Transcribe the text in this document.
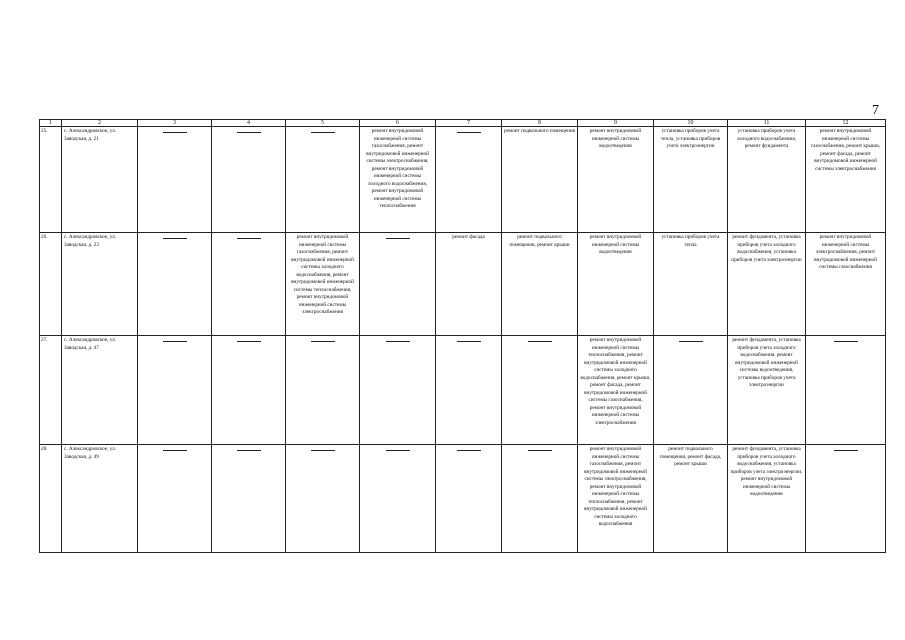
7
1	2	3	4	5	6	7	8	9	10	11	12
25.	с. Александровское, ул. Заводская, д. 21				ремонт внутридомовой инженерной системы газоснабжения, ремонт внутридомовой инженерной системы электроснабжения, ремонт внутридомовой инженерной системы холодного водоснабжения, ремонт внутридомовой инженерной системы теплоснабжения		ремонт подвального помещения	ремонт внутридомовой инженерной системы водоотведения	установка приборов учета тепла, установка приборов учета электроэнергии	установка приборов учета холодного водоснабжения, ремонт фундамента	ремонт внутридомовой инженерной системы газоснабжения, ремонт крыши, ремонт фасада, ремонт внутридомовой инженерной системы электроснабжения

26.	с. Александровское, ул. Заводская, д. 23			ремонт внутридомовой инженерной системы газоснабжения, ремонт внутридомовой инженерной системы холодного водоснабжения, ремонт внутридомовой инженерной системы теплоснабжения, ремонт внутридомовой инженерной системы электроснабжения		ремонт фасада	ремонт подвального помещения, ремонт крыши	ремонт внутридомовой инженерной системы водоотведения	установка приборов учета тепла	ремонт фундамента, установка приборов учета холодного водоснабжения, установка приборов учета электроэнергии	ремонт внутридомовой инженерной системы электроснабжения, ремонт внутридомовой инженерной системы газоснабжения

27.	с. Александровское, ул. Заводская, д. 47							ремонт внутридомовой инженерной системы теплоснабжения, ремонт внутридомовой инженерной системы холодного водоснабжения, ремонт крыши, ремонт фасада, ремонт внутридомовой инженерной системы газоснабжения, ремонт внутридомовой инженерной системы электроснабжения		ремонт фундамента, установка приборов учета холодного водоснабжения, ремонт внутридомовой инженерной системы водоотведения, установка приборов учета электроэнергии	

28.	с. Александровское, ул. Заводская, д. 49							ремонт внутридомовой инженерной системы газоснабжения, ремонт внутридомовой инженерной системы электроснабжения, ремонт внутридомовой инженерной системы теплоснабжения, ремонт внутридомовой инженерной системы холодного водоснабжения	ремонт подвального помещения, ремонт фасада, ремонт крыши	ремонт фундамента, установка приборов учета холодного водоснабжения, установка приборов учета электроэнергии, ремонт внутридомовой инженерной системы водоотведения	
